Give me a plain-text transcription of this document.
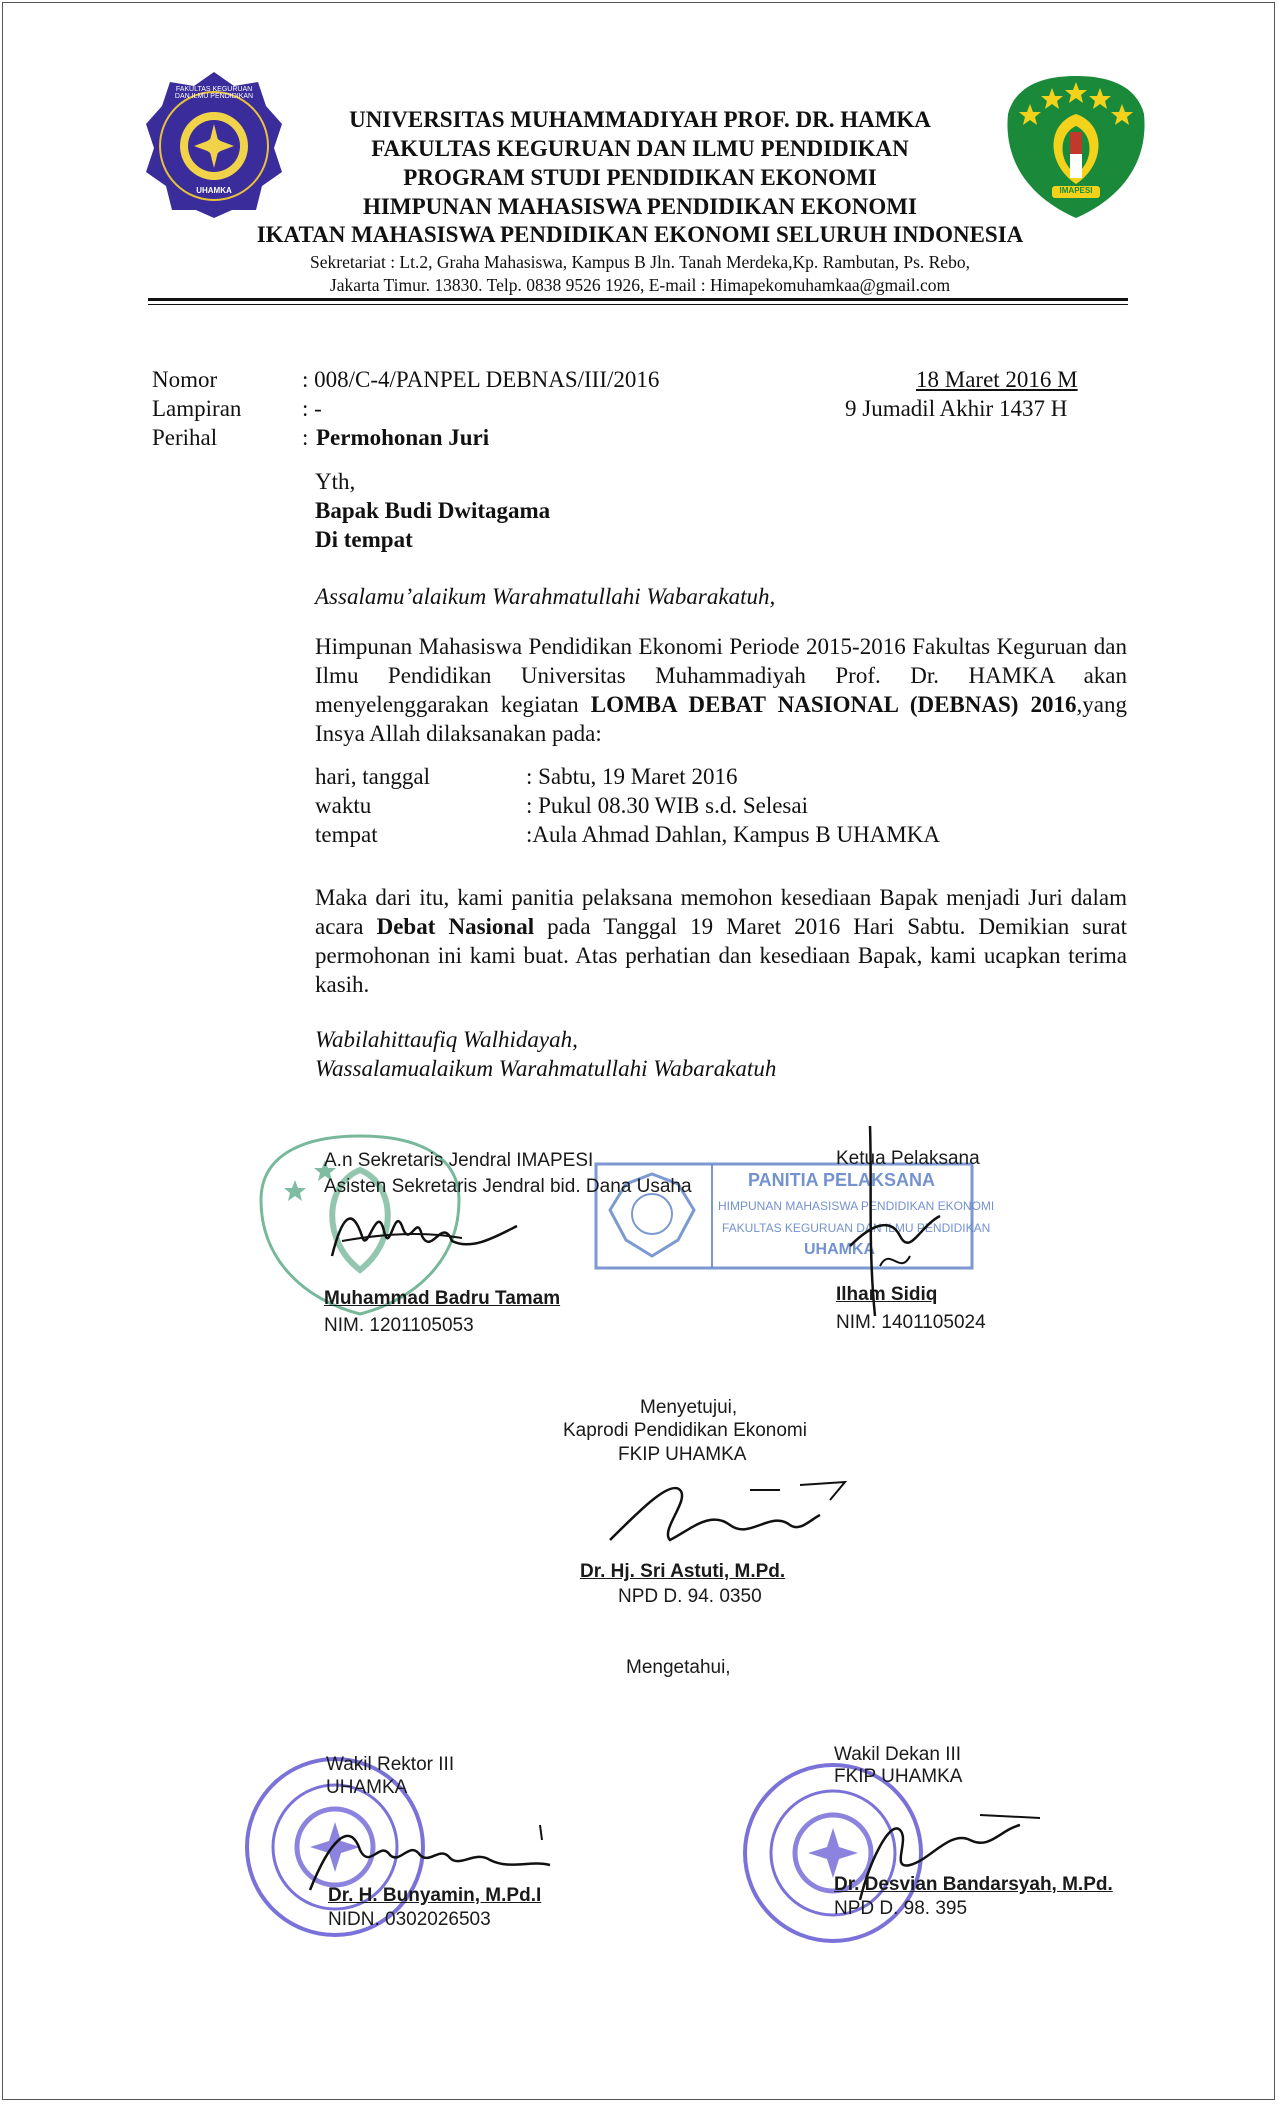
FAKULTAS KEGURUAN DAN ILMU PENDIDIKAN
UHAMKA	IMAPESI
UNIVERSITAS MUHAMMADIYAH PROF. DR. HAMKA
FAKULTAS KEGURUAN DAN ILMU PENDIDIKAN
PROGRAM STUDI PENDIDIKAN EKONOMI
HIMPUNAN MAHASISWA PENDIDIKAN EKONOMI
IKATAN MAHASISWA PENDIDIKAN EKONOMI SELURUH INDONESIA
Sekretariat : Lt.2, Graha Mahasiswa, Kampus B Jln. Tanah Merdeka,Kp. Rambutan, Ps. Rebo,
Jakarta Timur. 13830. Telp. 0838 9526 1926, E-mail : Himapekomuhamkaa@gmail.com
Nomor	: 008/C-4/PANPEL DEBNAS/III/2016	18 Maret 2016 M
Lampiran	: -	9 Jumadil Akhir 1437 H
Perihal	: Permohonan Juri
Yth,
Bapak Budi Dwitagama
Di tempat
Assalamu’alaikum Warahmatullahi Wabarakatuh,
Himpunan Mahasiswa Pendidikan Ekonomi Periode 2015-2016 Fakultas Keguruan dan Ilmu Pendidikan Universitas Muhammadiyah Prof. Dr. HAMKA akan menyelenggarakan kegiatan LOMBA DEBAT NASIONAL (DEBNAS) 2016,yang Insya Allah dilaksanakan pada:
hari, tanggal	: Sabtu, 19 Maret 2016
waktu	: Pukul 08.30 WIB s.d. Selesai
tempat	:Aula Ahmad Dahlan, Kampus B UHAMKA
Maka dari itu, kami panitia pelaksana memohon kesediaan Bapak menjadi Juri dalam acara Debat Nasional pada Tanggal 19 Maret 2016 Hari Sabtu. Demikian surat permohonan ini kami buat. Atas perhatian dan kesediaan Bapak, kami ucapkan terima kasih.
Wabilahittaufiq Walhidayah,
Wassalamualaikum Warahmatullahi Wabarakatuh
PANITIA PELAKSANA
HIMPUNAN MAHASISWA PENDIDIKAN EKONOMI
FAKULTAS KEGURUAN DAN ILMU PENDIDIKAN
UHAMKA
A.n Sekretaris Jendral IMAPESI
Asisten Sekretaris Jendral bid. Dana Usaha
Muhammad Badru Tamam
NIM. 1201105053
Ketua Pelaksana
Ilham Sidiq
NIM. 1401105024
Menyetujui,
Kaprodi Pendidikan Ekonomi
FKIP UHAMKA
Dr. Hj. Sri Astuti, M.Pd.
NPD D. 94. 0350
Mengetahui,
Wakil Rektor III
UHAMKA
Dr. H. Bunyamin, M.Pd.I
NIDN. 0302026503
Wakil Dekan III
FKIP UHAMKA
Dr. Desvian Bandarsyah, M.Pd.
NPD D. 98. 395
